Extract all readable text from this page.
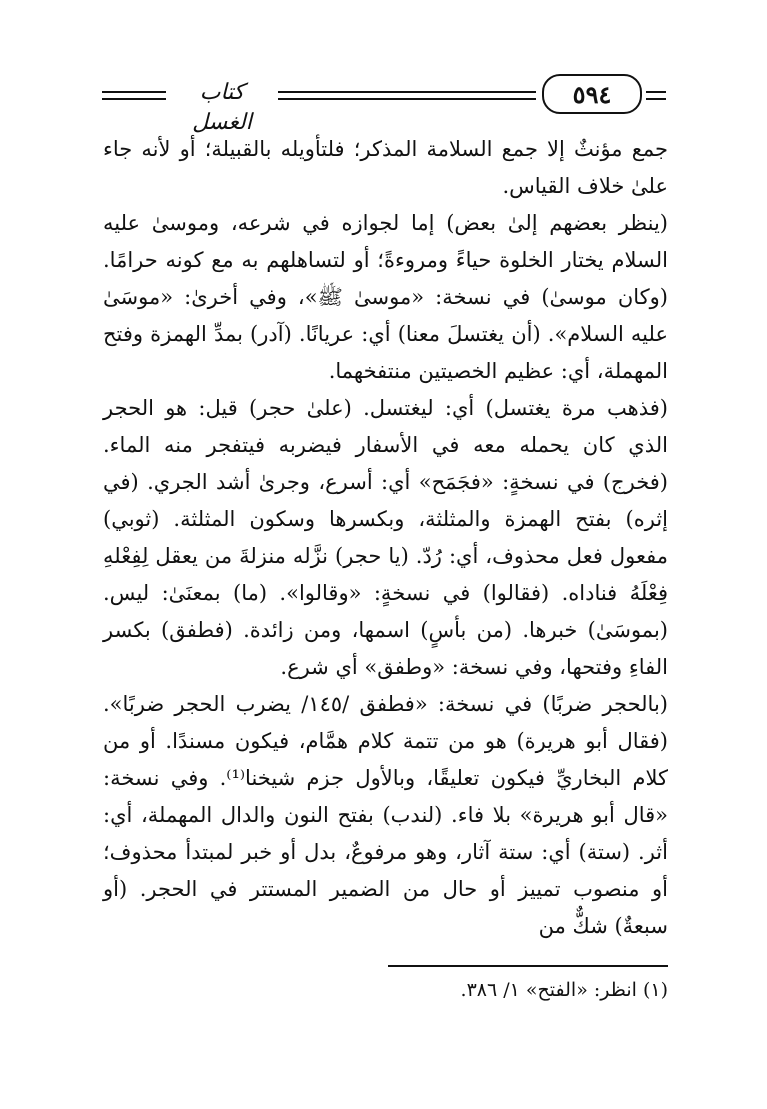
كتاب الغسل
٥٩٤

جمع مؤنثٌ إلا جمع السلامة المذكر؛ فلتأويله بالقبيلة؛ أو لأنه جاء علىٰ خلاف القياس.

(ينظر بعضهم إلىٰ بعض) إما لجوازه في شرعه، وموسىٰ عليه السلام يختار الخلوة حياءً ومروءةً؛ أو لتساهلهم به مع كونه حرامًا. (وكان موسىٰ) في نسخة: «موسىٰ ﷺ»، وفي أخرىٰ: «موسَىٰ عليه السلام». (أن يغتسلَ معنا) أي: عريانًا. (آدر) بمدِّ الهمزة وفتح المهملة، أي: عظيم الخصيتين منتفخهما.

(فذهب مرة يغتسل) أي: ليغتسل. (علىٰ حجر) قيل: هو الحجر الذي كان يحمله معه في الأسفار فيضربه فيتفجر منه الماء. (فخرج) في نسخةٍ: «فجَمَح» أي: أسرع، وجرىٰ أشد الجري. (في إثره) بفتح الهمزة والمثلثة، وبكسرها وسكون المثلثة. (ثوبي) مفعول فعل محذوف، أي: رُدّ. (يا حجر) نزَّله منزلةَ من يعقل لِفِعْلهِ فِعْلَهُ فناداه. (فقالوا) في نسخةٍ: «وقالوا». (ما) بمعنَىٰ: ليس. (بموسَىٰ) خبرها. (من بأسٍ) اسمها، ومن زائدة. (فطفق) بكسر الفاءِ وفتحها، وفي نسخة: «وطفق» أي شرع.

(بالحجر ضربًا) في نسخة: «فطفق /١٤٥/ يضرب الحجر ضربًا». (فقال أبو هريرة) هو من تتمة كلام همَّام، فيكون مسندًا. أو من كلام البخاريِّ فيكون تعليقًا، وبالأول جزم شيخنا⁽¹⁾. وفي نسخة: «قال أبو هريرة» بلا فاء. (لندب) بفتح النون والدال المهملة، أي: أثر. (ستة) أي: ستة آثار، وهو مرفوعٌ، بدل أو خبر لمبتدأ محذوف؛ أو منصوب تمييز أو حال من الضمير المستتر في الحجر. (أو سبعةٌ) شكٌّ من

(١) انظر: «الفتح» ١/ ٣٨٦.
